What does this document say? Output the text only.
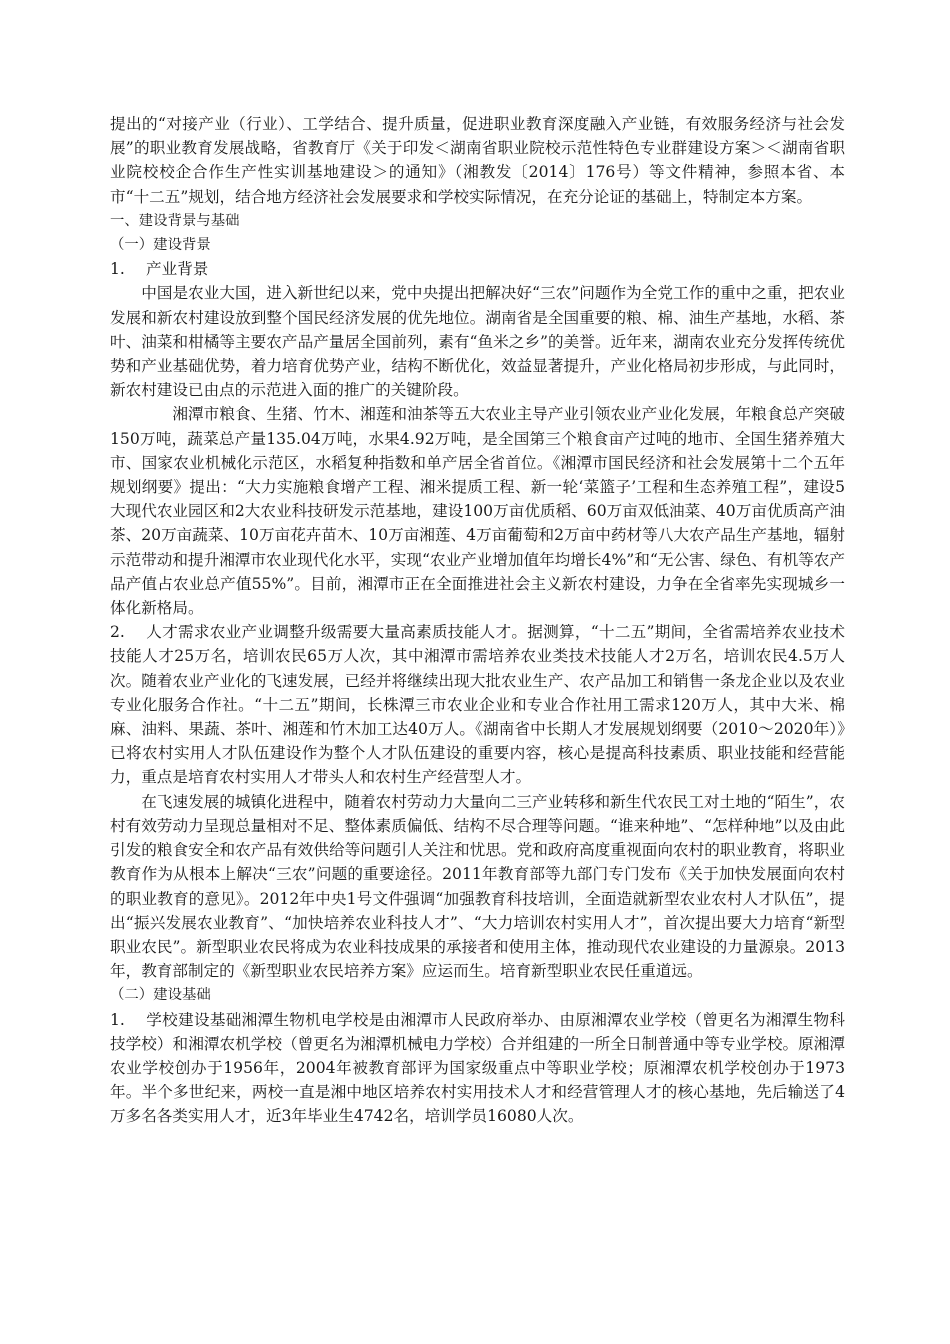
提出的“对接产业（行业）、工学结合、提升质量，促进职业教育深度融入产业链，有效服务经济与社会发展”的职业教育发展战略，省教育厅《关于印发＜湖南省职业院校示范性特色专业群建设方案＞＜湖南省职业院校校企合作生产性实训基地建设＞的通知》（湘教发〔2014〕176号）等文件精神，参照本省、本市“十二五”规划，结合地方经济社会发展要求和学校实际情况，在充分论证的基础上，特制定本方案。

一、建设背景与基础

（一）建设背景

1. 产业背景

中国是农业大国，进入新世纪以来，党中央提出把解决好“三农”问题作为全党工作的重中之重，把农业发展和新农村建设放到整个国民经济发展的优先地位。湖南省是全国重要的粮、棉、油生产基地，水稻、茶叶、油菜和柑橘等主要农产品产量居全国前列，素有“鱼米之乡”的美誉。近年来，湖南农业充分发挥传统优势和产业基础优势，着力培育优势产业，结构不断优化，效益显著提升，产业化格局初步形成，与此同时，新农村建设已由点的示范进入面的推广的关键阶段。

湘潭市粮食、生猪、竹木、湘莲和油茶等五大农业主导产业引领农业产业化发展，年粮食总产突破150万吨，蔬菜总产量135.04万吨，水果4.92万吨，是全国第三个粮食亩产过吨的地市、全国生猪养殖大市、国家农业机械化示范区，水稻复种指数和单产居全省首位。《湘潭市国民经济和社会发展第十二个五年规划纲要》提出：“大力实施粮食增产工程、湘米提质工程、新一轮‘菜篮子’工程和生态养殖工程”，建设5大现代农业园区和2大农业科技研发示范基地，建设100万亩优质稻、60万亩双低油菜、40万亩优质高产油茶、20万亩蔬菜、10万亩花卉苗木、10万亩湘莲、4万亩葡萄和2万亩中药材等八大农产品生产基地，辐射示范带动和提升湘潭市农业现代化水平，实现“农业产业增加值年均增长4%”和“无公害、绿色、有机等农产品产值占农业总产值55%”。目前，湘潭市正在全面推进社会主义新农村建设，力争在全省率先实现城乡一体化新格局。

2. 人才需求农业产业调整升级需要大量高素质技能人才。据测算，“十二五”期间，全省需培养农业技术技能人才25万名，培训农民65万人次，其中湘潭市需培养农业类技术技能人才2万名，培训农民4.5万人次。随着农业产业化的飞速发展，已经并将继续出现大批农业生产、农产品加工和销售一条龙企业以及农业专业化服务合作社。“十二五”期间，长株潭三市农业企业和专业合作社用工需求120万人，其中大米、棉麻、油料、果蔬、茶叶、湘莲和竹木加工达40万人。《湖南省中长期人才发展规划纲要（2010～2020年）》已将农村实用人才队伍建设作为整个人才队伍建设的重要内容，核心是提高科技素质、职业技能和经营能力，重点是培育农村实用人才带头人和农村生产经营型人才。

在飞速发展的城镇化进程中，随着农村劳动力大量向二三产业转移和新生代农民工对土地的“陌生”，农村有效劳动力呈现总量相对不足、整体素质偏低、结构不尽合理等问题。“谁来种地”、“怎样种地”以及由此引发的粮食安全和农产品有效供给等问题引人关注和忧思。党和政府高度重视面向农村的职业教育，将职业教育作为从根本上解决“三农”问题的重要途径。2011年教育部等九部门专门发布《关于加快发展面向农村的职业教育的意见》。2012年中央1号文件强调“加强教育科技培训，全面造就新型农业农村人才队伍”，提出“振兴发展农业教育”、“加快培养农业科技人才”、“大力培训农村实用人才”，首次提出要大力培育“新型职业农民”。新型职业农民将成为农业科技成果的承接者和使用主体，推动现代农业建设的力量源泉。2013年，教育部制定的《新型职业农民培养方案》应运而生。培育新型职业农民任重道远。

（二）建设基础

1. 学校建设基础湘潭生物机电学校是由湘潭市人民政府举办、由原湘潭农业学校（曾更名为湘潭生物科技学校）和湘潭农机学校（曾更名为湘潭机械电力学校）合并组建的一所全日制普通中等专业学校。原湘潭农业学校创办于1956年，2004年被教育部评为国家级重点中等职业学校；原湘潭农机学校创办于1973年。半个多世纪来，两校一直是湘中地区培养农村实用技术人才和经营管理人才的核心基地，先后输送了4万多名各类实用人才，近3年毕业生4742名，培训学员16080人次。
